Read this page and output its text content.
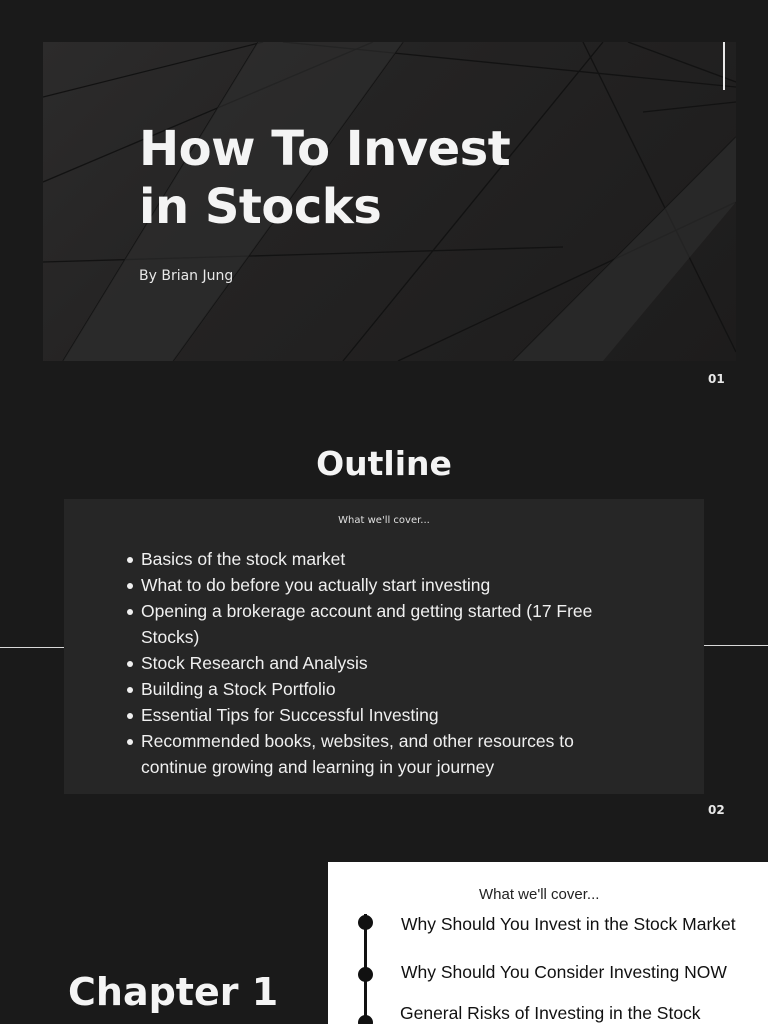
How To Invest
in Stocks
By Brian Jung
01
Outline
What we'll cover...
Basics of the stock market
What to do before you actually start investing
Opening a brokerage account and getting started (17 Free Stocks)
Stock Research and Analysis
Building a Stock Portfolio
Essential Tips for Successful Investing
Recommended books, websites, and other resources to continue growing and learning in your journey
02
Chapter 1
What we'll cover...
Why Should You Invest in the Stock Market
Why Should You Consider Investing NOW
General Risks of Investing in the Stock
